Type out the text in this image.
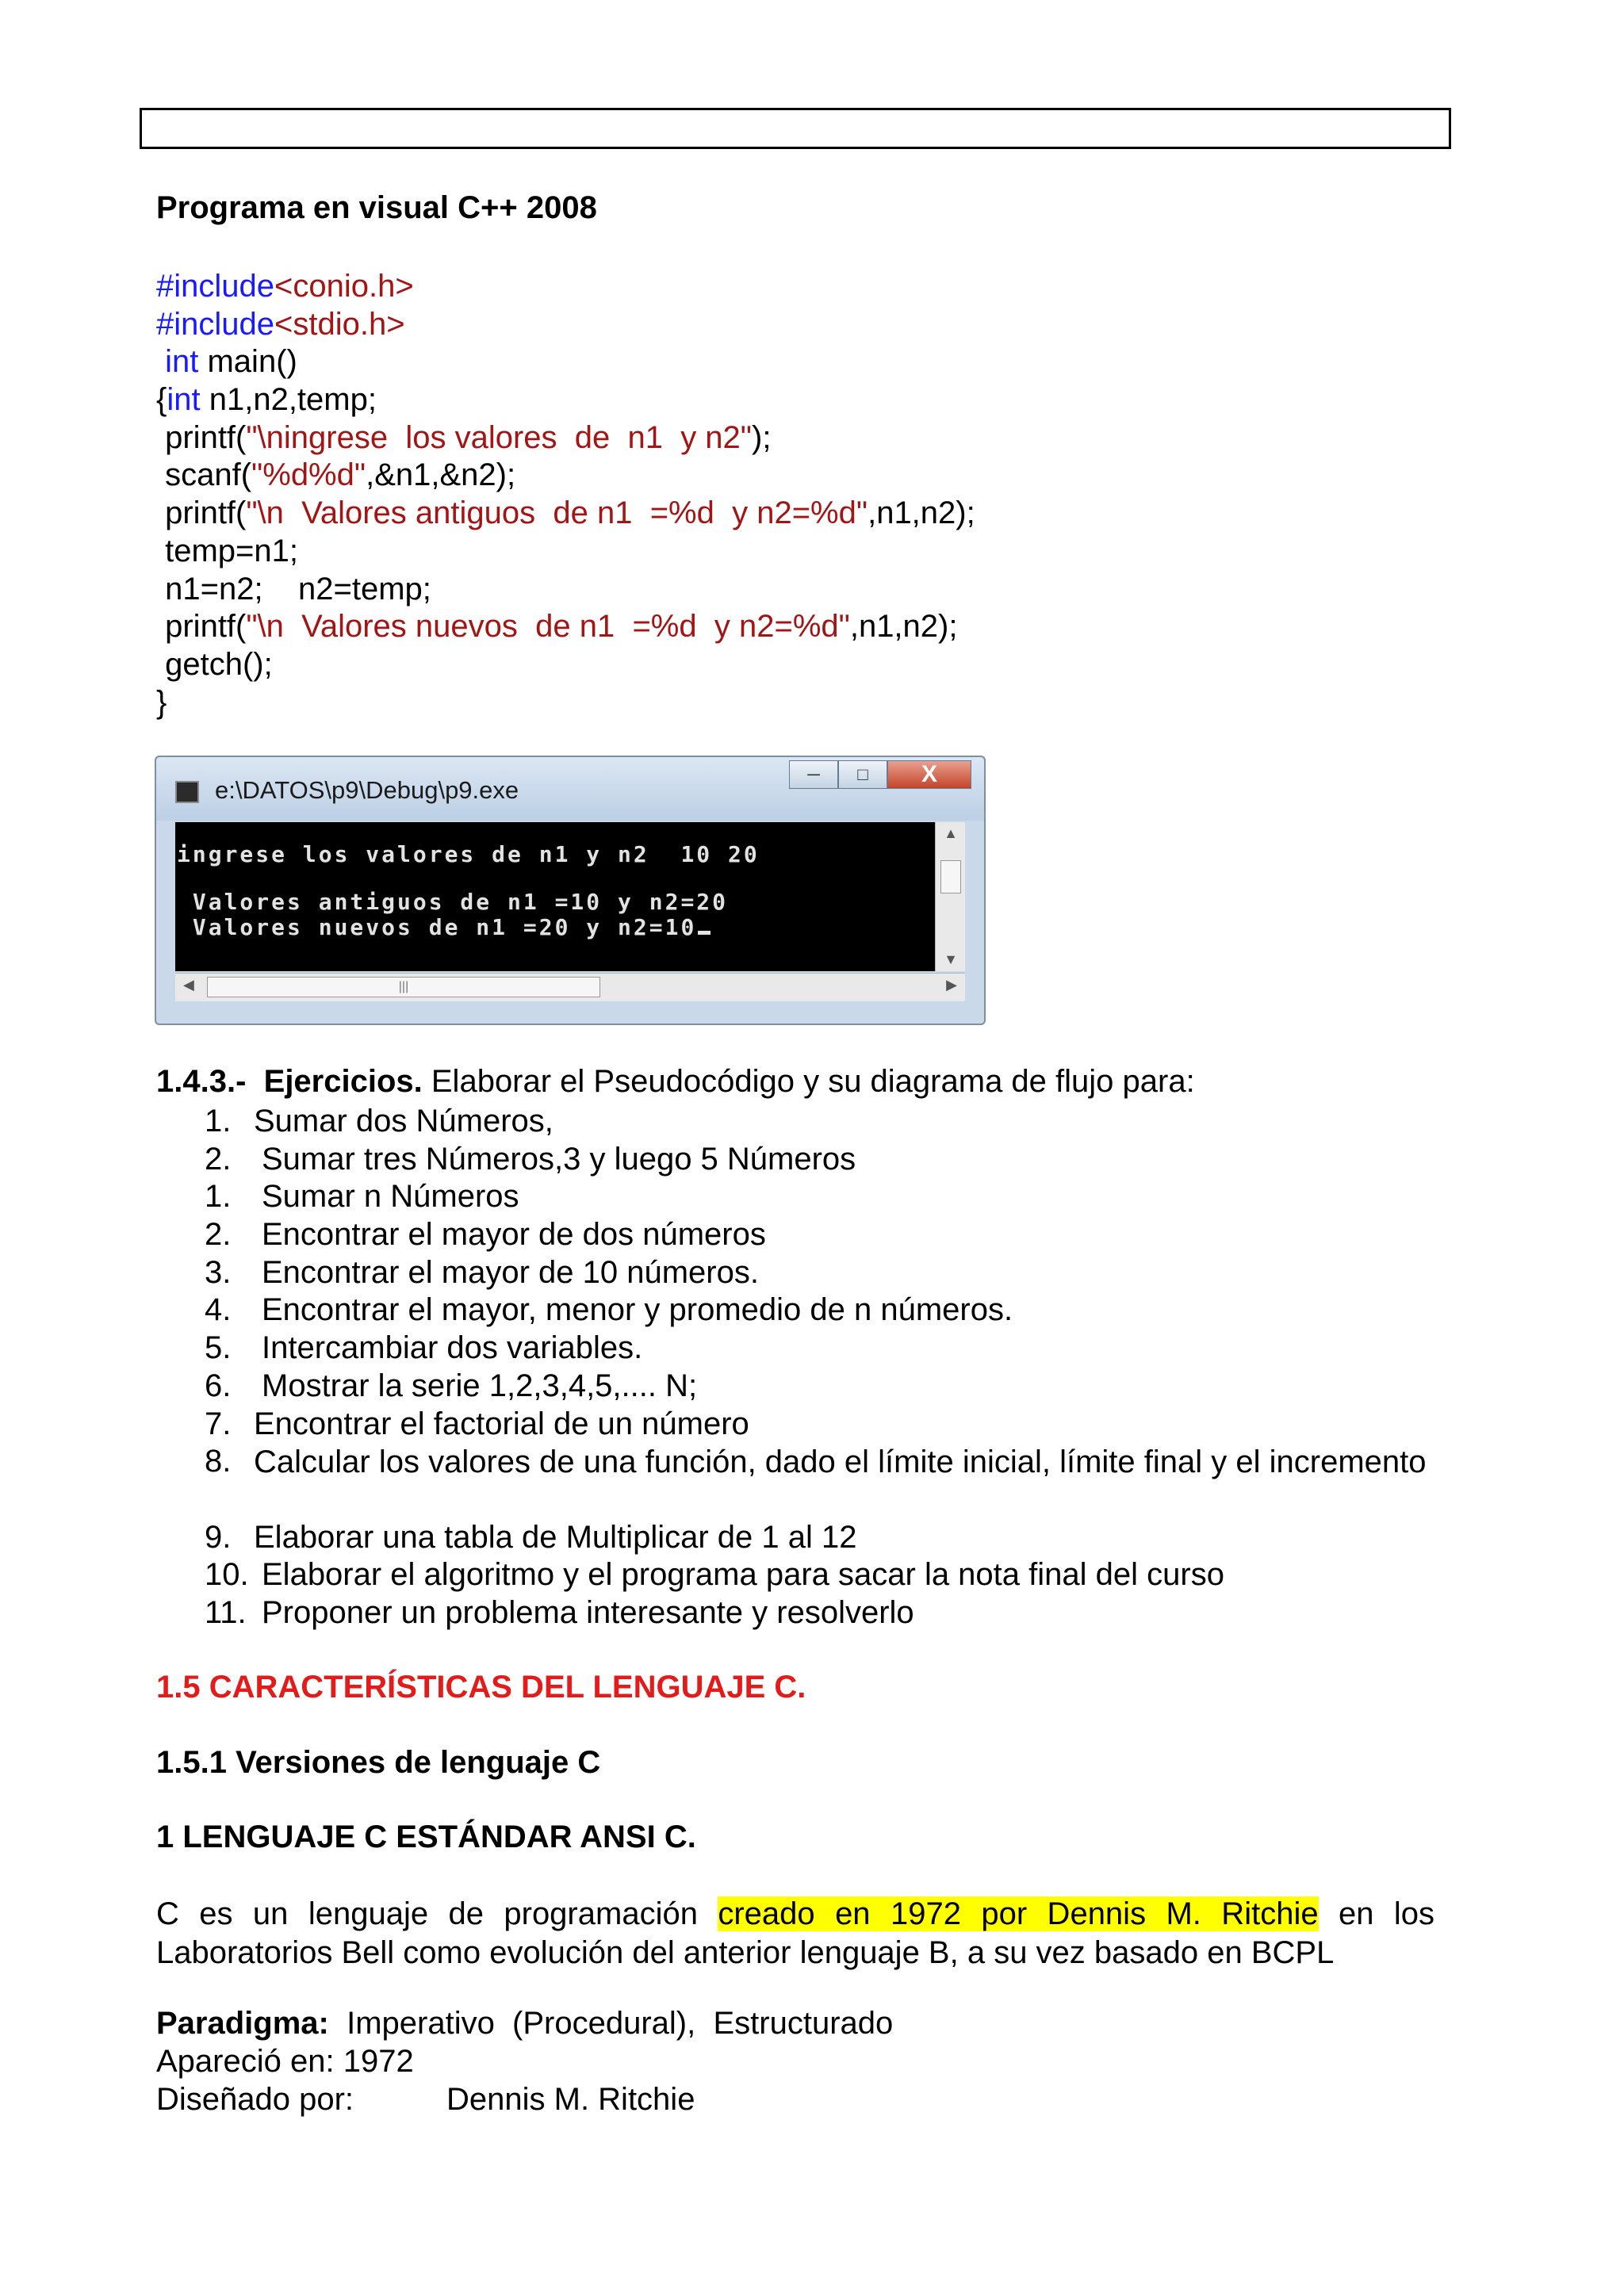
Programa en visual C++ 2008
#include<conio.h>
#include<stdio.h>
int main()
{int n1,n2,temp;
printf("\ningrese  los valores  de  n1  y n2");
scanf("%d%d",&n1,&n2);
printf("\n  Valores antiguos  de n1  =%d  y n2=%d",n1,n2);
temp=n1;
n1=n2;    n2=temp;
printf("\n  Valores nuevos  de n1  =%d  y n2=%d",n1,n2);
getch();
}
e:\DATOS\p9\Debug\p9.exe
─ □ X
ingrese los valores de n1 y n2  10 20
Valores antiguos de n1 =10 y n2=20
Valores nuevos de n1 =20 y n2=10
▲
▼
◀	|||	▶
1.4.3.- Ejercicios. Elaborar el Pseudocódigo y su diagrama de flujo para:
1. Sumar dos Números,
2. Sumar tres Números,3 y luego 5 Números
1. Sumar n Números
2. Encontrar el mayor de dos números
3. Encontrar el mayor de 10 números.
4. Encontrar el mayor, menor y promedio de n números.
5. Intercambiar dos variables.
6. Mostrar la serie 1,2,3,4,5,.... N;
7. Encontrar el factorial de un número
8. Calcular los valores de una función, dado el límite inicial, límite final y el incremento
9. Elaborar una tabla de Multiplicar de 1 al 12
10. Elaborar el algoritmo y el programa para sacar la nota final del curso
11. Proponer un problema interesante y resolverlo
1.5 CARACTERÍSTICAS DEL LENGUAJE C.
1.5.1 Versiones de lenguaje C
1 LENGUAJE C ESTÁNDAR ANSI C.
C es un lenguaje de programación creado en 1972 por Dennis M. Ritchie en los
Laboratorios Bell como evolución del anterior lenguaje B, a su vez basado en BCPL
Paradigma:  Imperativo  (Procedural),  Estructurado
Apareció en: 1972
Diseñado por:	Dennis M. Ritchie
